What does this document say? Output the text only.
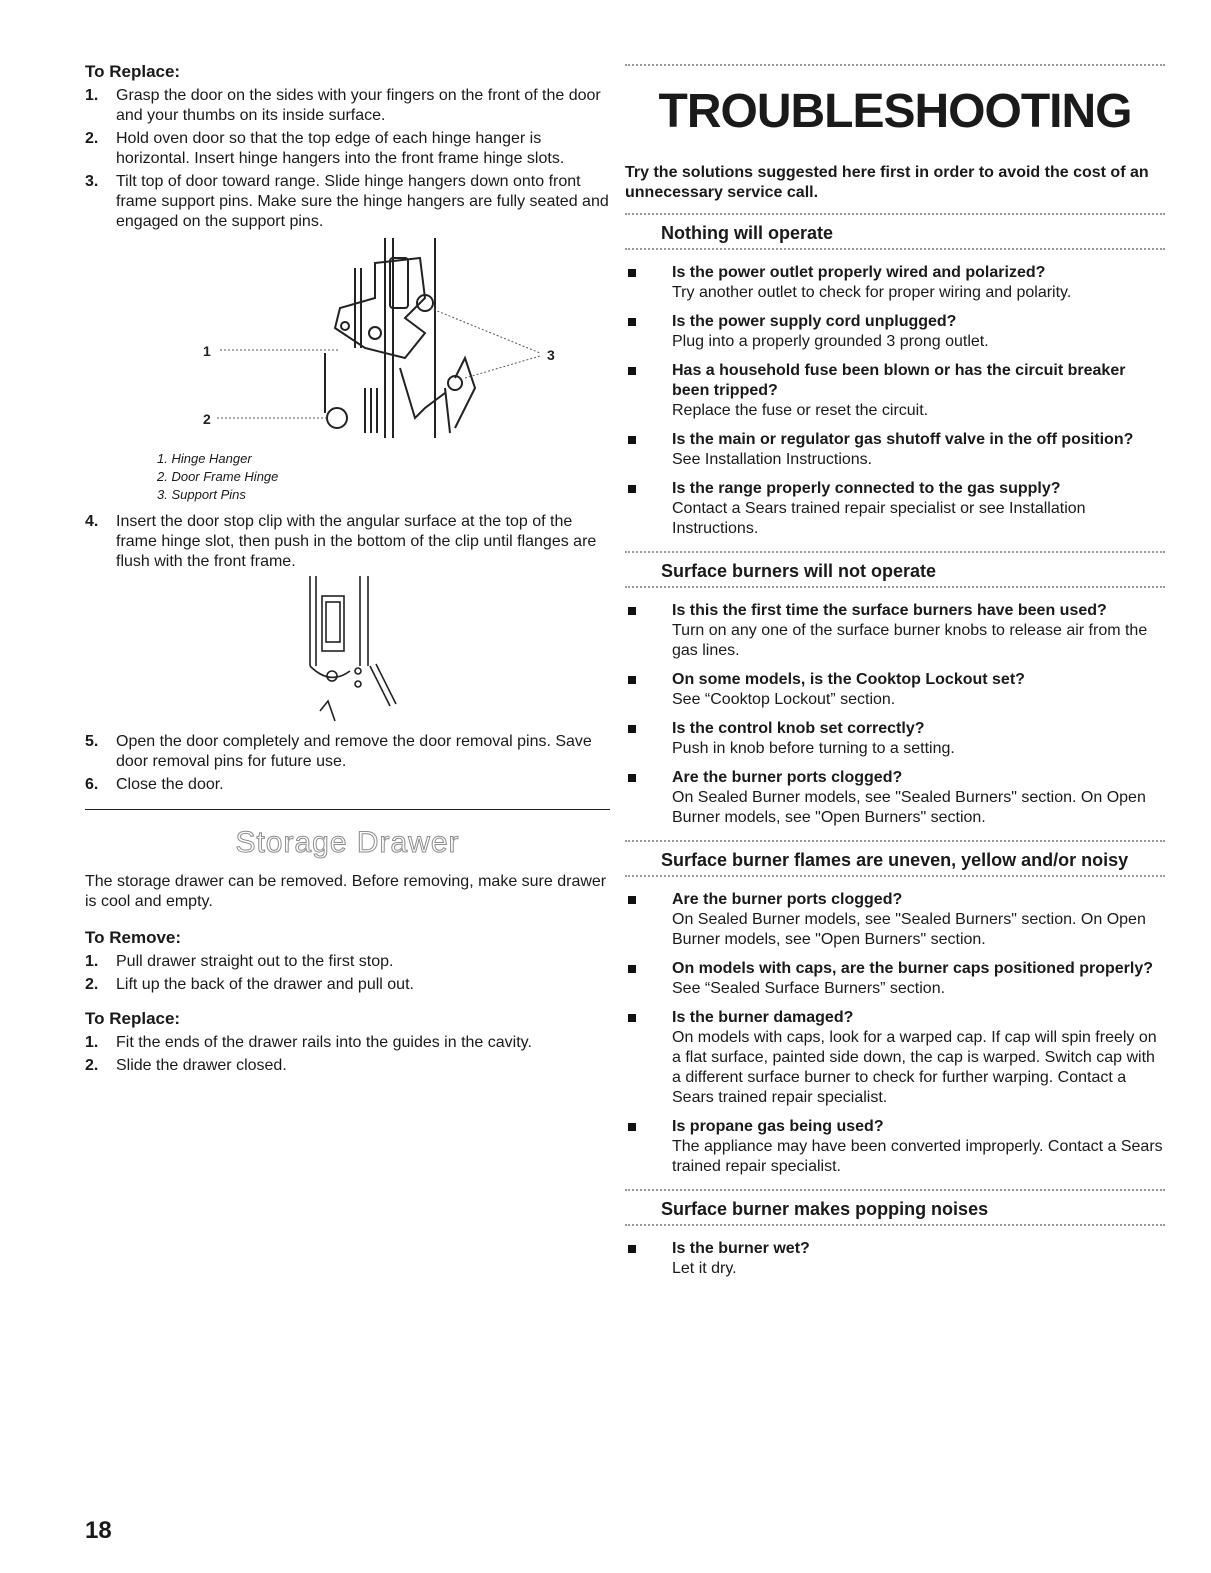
To Replace:
1. Grasp the door on the sides with your fingers on the front of the door and your thumbs on its inside surface.
2. Hold oven door so that the top edge of each hinge hanger is horizontal. Insert hinge hangers into the front frame hinge slots.
3. Tilt top of door toward range. Slide hinge hangers down onto front frame support pins. Make sure the hinge hangers are fully seated and engaged on the support pins.
1
2
3
1. Hinge Hanger
2. Door Frame Hinge
3. Support Pins
4. Insert the door stop clip with the angular surface at the top of the frame hinge slot, then push in the bottom of the clip until flanges are flush with the front frame.
5. Open the door completely and remove the door removal pins. Save door removal pins for future use.
6. Close the door.
Storage Drawer

The storage drawer can be removed. Before removing, make sure drawer is cool and empty.

To Remove:
1. Pull drawer straight out to the first stop.
2. Lift up the back of the drawer and pull out.
To Replace:
1. Fit the ends of the drawer rails into the guides in the cavity.
2. Slide the drawer closed.
TROUBLESHOOTING
Try the solutions suggested here first in order to avoid the cost of an unnecessary service call.
Nothing will operate
Is the power outlet properly wired and polarized?
Try another outlet to check for proper wiring and polarity.
Is the power supply cord unplugged?
Plug into a properly grounded 3 prong outlet.
Has a household fuse been blown or has the circuit breaker been tripped?
Replace the fuse or reset the circuit.
Is the main or regulator gas shutoff valve in the off position?
See Installation Instructions.
Is the range properly connected to the gas supply?
Contact a Sears trained repair specialist or see Installation Instructions.
Surface burners will not operate
Is this the first time the surface burners have been used?
Turn on any one of the surface burner knobs to release air from the gas lines.
On some models, is the Cooktop Lockout set?
See “Cooktop Lockout” section.
Is the control knob set correctly?
Push in knob before turning to a setting.
Are the burner ports clogged?
On Sealed Burner models, see "Sealed Burners" section. On Open Burner models, see "Open Burners" section.
Surface burner flames are uneven, yellow and/or noisy
Are the burner ports clogged?
On Sealed Burner models, see "Sealed Burners" section. On Open Burner models, see "Open Burners" section.
On models with caps, are the burner caps positioned properly?
See “Sealed Surface Burners” section.
Is the burner damaged?
On models with caps, look for a warped cap. If cap will spin freely on a flat surface, painted side down, the cap is warped. Switch cap with a different surface burner to check for further warping. Contact a Sears trained repair specialist.
Is propane gas being used?
The appliance may have been converted improperly. Contact a Sears trained repair specialist.
Surface burner makes popping noises
Is the burner wet?
Let it dry.
18
